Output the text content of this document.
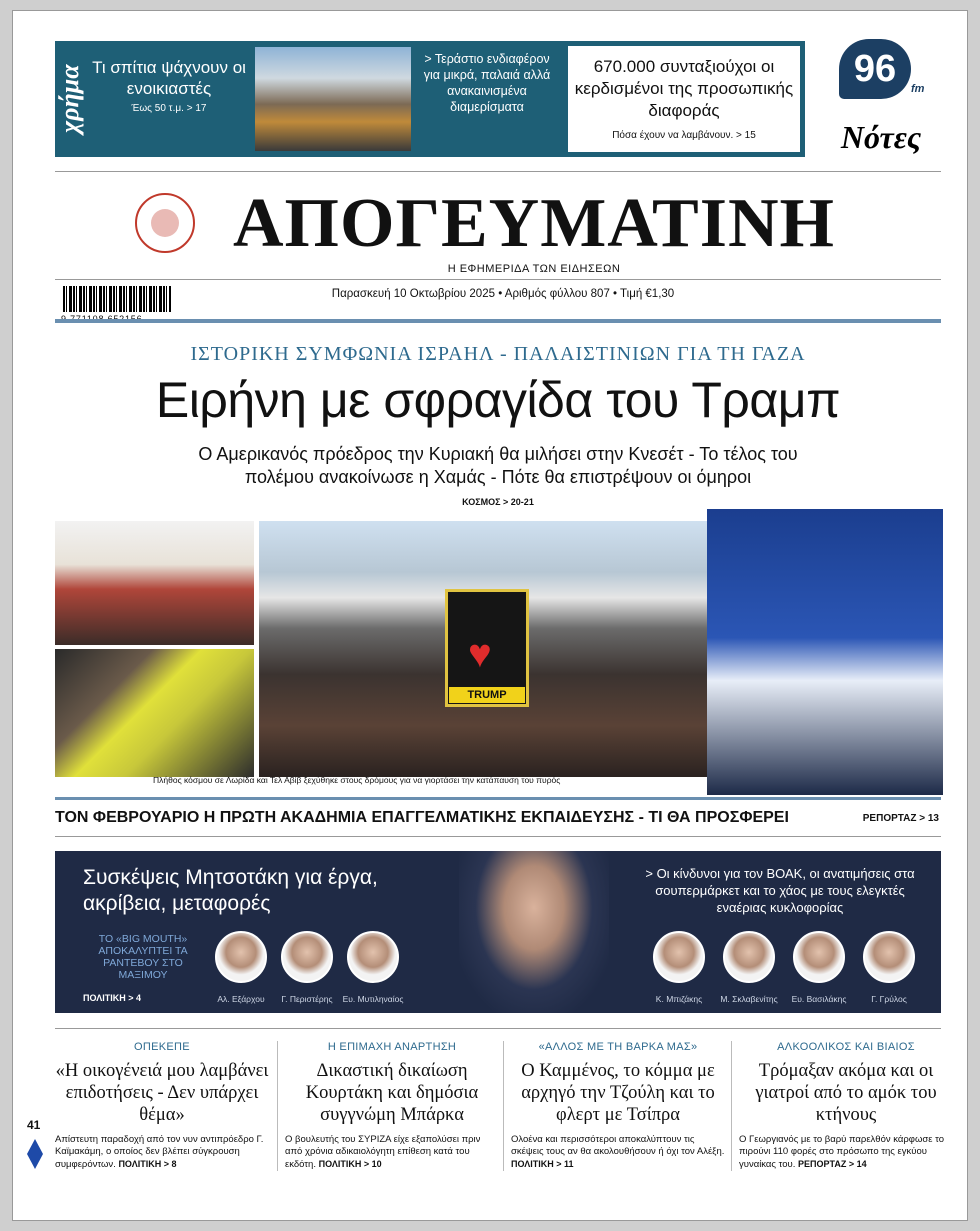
χρήμα Τι σπίτια ψάχνουν οι ενοικιαστές
Έως 50 τ.μ. > 17
> Τεράστιο ενδιαφέρον για μικρά, παλαιά αλλά ανακαινισμένα διαμερίσματα
670.000 συνταξιούχοι οι κερδισμένοι της προσωπικής διαφοράς
Πόσα έχουν να λαμβάνουν. > 15
96	fm
Nότες
ΑΠΟΓΕΥΜΑΤΙΝΗ
Η ΕΦΗΜΕΡΙΔΑ ΤΩΝ ΕΙΔΗΣΕΩΝ
Παρασκευή 10 Οκτωβρίου 2025 • Αριθμός φύλλου 807 • Τιμή €1,30
ΙΣΤΟΡΙΚΗ ΣΥΜΦΩΝΙΑ ΙΣΡΑΗΛ - ΠΑΛΑΙΣΤΙΝΙΩΝ ΓΙΑ ΤΗ ΓΑΖΑ
Ειρήνη με σφραγίδα του Τραμπ
Ο Αμερικανός πρόεδρος την Κυριακή θα μιλήσει στην Κνεσέτ - Το τέλος του πολέμου ανακοίνωσε η Χαμάς - Πότε θα επιστρέψουν οι όμηροι
ΚΟΣΜΟΣ > 20-21
♥
TRUMP
Πλήθος κόσμου σε Λωρίδα και Τελ Αβίβ ξεχύθηκε στους δρόμους για να γιορτάσει την κατάπαυση του πυρός
ΤΟΝ ΦΕΒΡΟΥΑΡΙΟ Η ΠΡΩΤΗ ΑΚΑΔΗΜΙΑ ΕΠΑΓΓΕΛΜΑΤΙΚΗΣ ΕΚΠΑΙΔΕΥΣΗΣ - ΤΙ ΘΑ ΠΡΟΣΦΕΡΕΙ	ΡΕΠΟΡΤΑΖ > 13
Συσκέψεις Μητσοτάκη για έργα, ακρίβεια, μεταφορές
ΤΟ «BIG MOUTH» ΑΠΟΚΑΛΥΠΤΕΙ ΤΑ ΡΑΝΤΕΒΟΥ ΣΤΟ ΜΑΞΙΜΟΥ
ΠΟΛΙΤΙΚΗ > 4
> Οι κίνδυνοι για τον ΒΟΑΚ, οι ανατιμήσεις στα σουπερμάρκετ και το χάος με τους ελεγκτές εναέριας κυκλοφορίας
Αλ. Εξάρχου	Γ. Περιστέρης	Ευ. Μυτιληναίος	Κ. Μπιζάκης	Μ. Σκλαβενίτης	Ευ. Βασιλάκης	Γ. Γρύλος
ΟΠΕΚΕΠΕ
«Η οικογένειά μου λαμβάνει επιδοτήσεις - Δεν υπάρχει θέμα»
Απίστευτη παραδοχή από τον νυν αντιπρόεδρο Γ. Καϊμακάμη, ο οποίος δεν βλέπει σύγκρουση συμφερόντων. ΠΟΛΙΤΙΚΗ > 8
Η ΕΠΙΜΑΧΗ ΑΝΑΡΤΗΣΗ
Δικαστική δικαίωση Κουρτάκη και δημόσια συγγνώμη Μπάρκα
Ο βουλευτής του ΣΥΡΙΖΑ είχε εξαπολύσει πριν από χρόνια αδικαιολόγητη επίθεση κατά του εκδότη. ΠΟΛΙΤΙΚΗ > 10
«ΑΛΛΟΣ ΜΕ ΤΗ ΒΑΡΚΑ ΜΑΣ»
Ο Καμμένος, το κόμμα με αρχηγό την Τζούλη και το φλερτ με Τσίπρα
Ολοένα και περισσότεροι αποκαλύπτουν τις σκέψεις τους αν θα ακολουθήσουν ή όχι τον Αλέξη. ΠΟΛΙΤΙΚΗ > 11
ΑΛΚΟΟΛΙΚΟΣ ΚΑΙ ΒΙΑΙΟΣ
Τρόμαξαν ακόμα και οι γιατροί από το αμόκ του κτήνους
Ο Γεωργιανός με το βαρύ παρελθόν κάρφωσε το πιρούνι 110 φορές στο πρόσωπο της εγκύου γυναίκας του. ΡΕΠΟΡΤΑΖ > 14
41
